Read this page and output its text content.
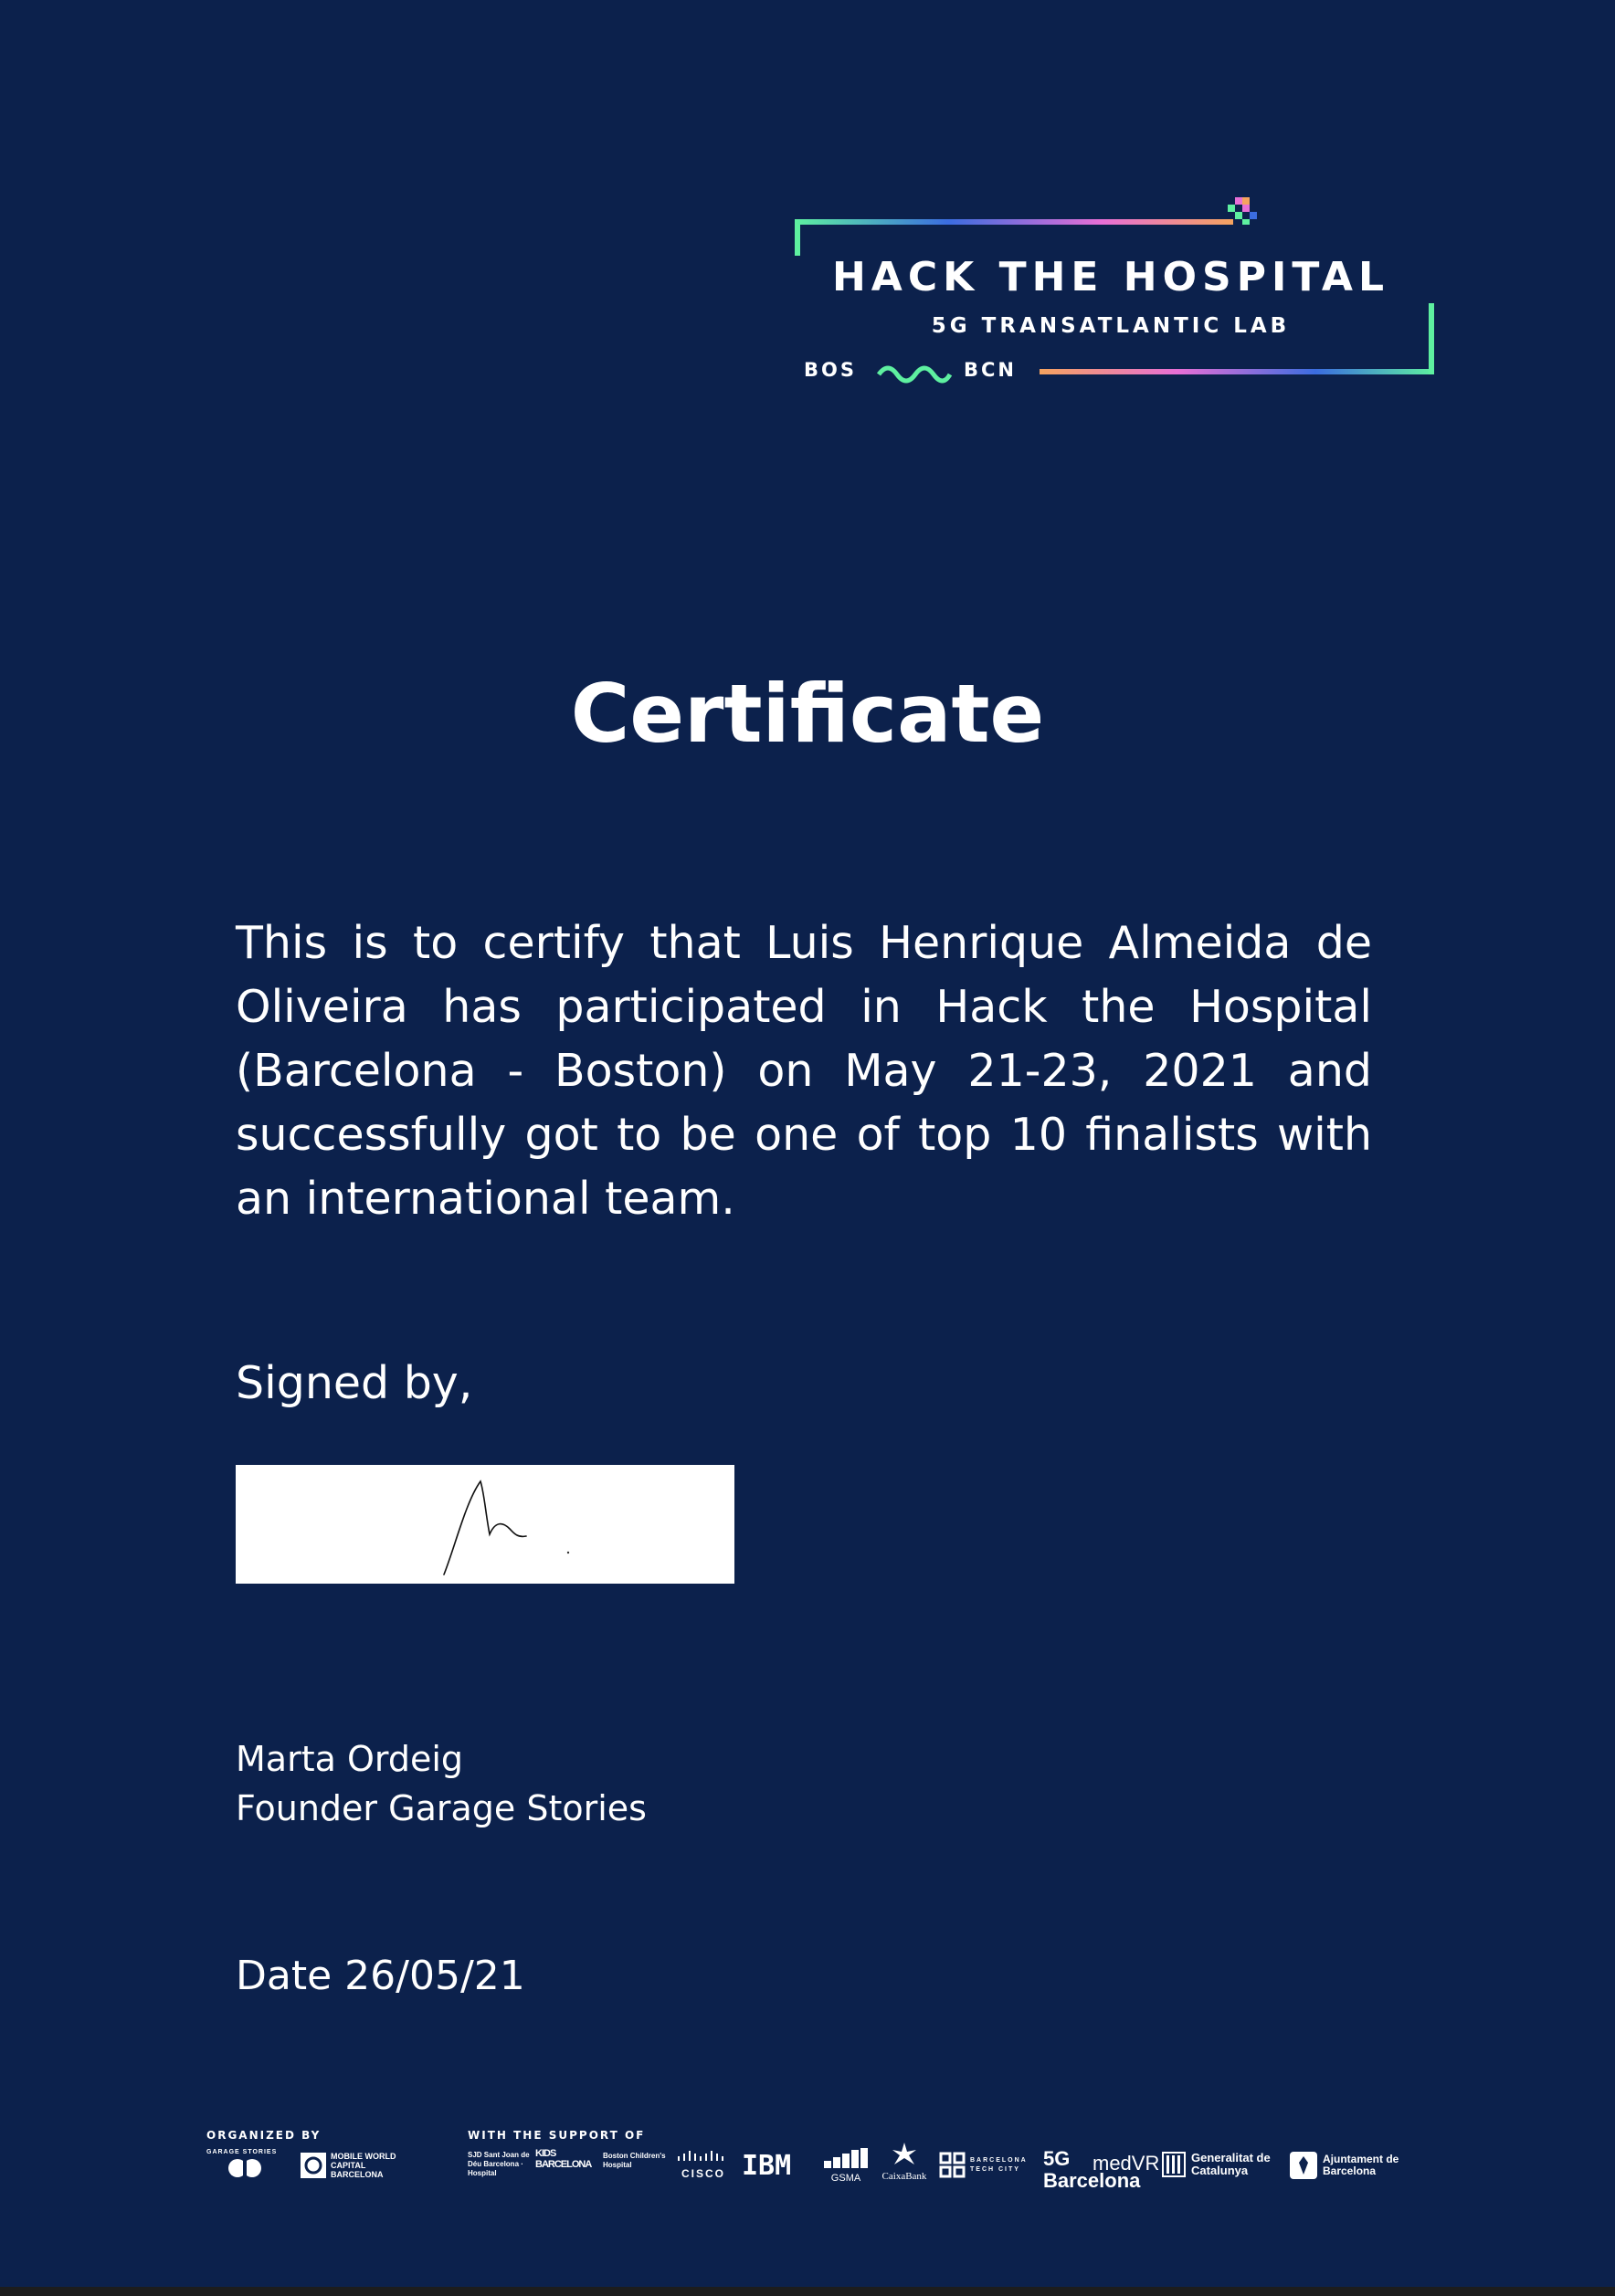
HACK THE HOSPITAL
5G TRANSATLANTIC LAB
BOS	BCN
Certificate
This is to certify that Luis Henrique Almeida de Oliveira has participated in Hack the Hospital (Barcelona - Boston) on May 21-23, 2021 and successfully got to be one of top 10 finalists with an international team.
Signed by,
Marta Ordeig
Founder Garage Stories
Date 26/05/21
ORGANIZED BY	WITH THE SUPPORT OF
GARAGE STORIES	MOBILE WORLD CAPITAL BARCELONA
SJD Sant Joan de Déu Barcelona · Hospital
KIDS BARCELONA
Boston Children's Hospital
CISCO IBM	GSMA	CaixaBank
BARCELONA TECH CITY	5G Barcelona
medVR	Generalitat de Catalunya
Ajuntament de Barcelona
